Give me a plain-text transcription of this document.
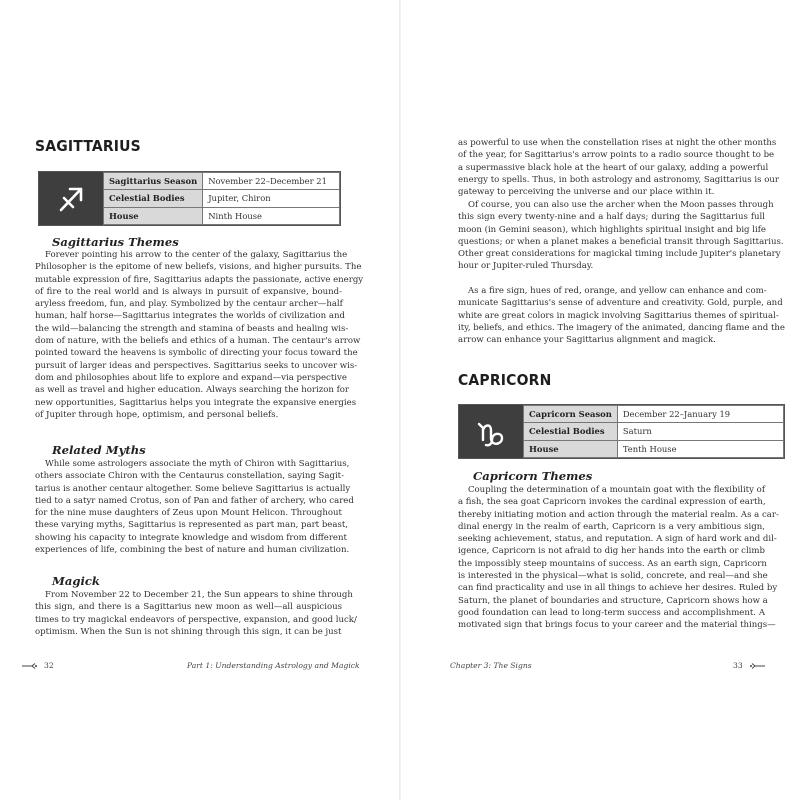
SAGITTARIUS
Sagittarius Season	November 22–December 21
Celestial Bodies	Jupiter, Chiron
House	Ninth House
Sagittarius Themes
Forever pointing his arrow to the center of the galaxy, Sagittarius the
Philosopher is the epitome of new beliefs, visions, and higher pursuits. The
mutable expression of fire, Sagittarius adapts the passionate, active energy
of fire to the real world and is always in pursuit of expansive, bound-
aryless freedom, fun, and play. Symbolized by the centaur archer—half
human, half horse—Sagittarius integrates the worlds of civilization and
the wild—balancing the strength and stamina of beasts and healing wis-
dom of nature, with the beliefs and ethics of a human. The centaur's arrow
pointed toward the heavens is symbolic of directing your focus toward the
pursuit of larger ideas and perspectives. Sagittarius seeks to uncover wis-
dom and philosophies about life to explore and expand—via perspective
as well as travel and higher education. Always searching the horizon for
new opportunities, Sagittarius helps you integrate the expansive energies
of Jupiter through hope, optimism, and personal beliefs.
Related Myths
While some astrologers associate the myth of Chiron with Sagittarius,
others associate Chiron with the Centaurus constellation, saying Sagit-
tarius is another centaur altogether. Some believe Sagittarius is actually
tied to a satyr named Crotus, son of Pan and father of archery, who cared
for the nine muse daughters of Zeus upon Mount Helicon. Throughout
these varying myths, Sagittarius is represented as part man, part beast,
showing his capacity to integrate knowledge and wisdom from different
experiences of life, combining the best of nature and human civilization.
Magick
From November 22 to December 21, the Sun appears to shine through
this sign, and there is a Sagittarius new moon as well—all auspicious
times to try magickal endeavors of perspective, expansion, and good luck/
optimism. When the Sun is not shining through this sign, it can be just
32	Part 1: Understanding Astrology and Magick
as powerful to use when the constellation rises at night the other months
of the year, for Sagittarius's arrow points to a radio source thought to be
a supermassive black hole at the heart of our galaxy, adding a powerful
energy to spells. Thus, in both astrology and astronomy, Sagittarius is our
gateway to perceiving the universe and our place within it.
Of course, you can also use the archer when the Moon passes through
this sign every twenty-nine and a half days; during the Sagittarius full
moon (in Gemini season), which highlights spiritual insight and big life
questions; or when a planet makes a beneficial transit through Sagittarius.
Other great considerations for magickal timing include Jupiter's planetary
hour or Jupiter-ruled Thursday.
As a fire sign, hues of red, orange, and yellow can enhance and com-
municate Sagittarius's sense of adventure and creativity. Gold, purple, and
white are great colors in magick involving Sagittarius themes of spiritual-
ity, beliefs, and ethics. The imagery of the animated, dancing flame and the
arrow can enhance your Sagittarius alignment and magick.
CAPRICORN
Capricorn Season	December 22–January 19
Celestial Bodies	Saturn
House	Tenth House
Capricorn Themes
Coupling the determination of a mountain goat with the flexibility of
a fish, the sea goat Capricorn invokes the cardinal expression of earth,
thereby initiating motion and action through the material realm. As a car-
dinal energy in the realm of earth, Capricorn is a very ambitious sign,
seeking achievement, status, and reputation. A sign of hard work and dil-
igence, Capricorn is not afraid to dig her hands into the earth or climb
the impossibly steep mountains of success. As an earth sign, Capricorn
is interested in the physical—what is solid, concrete, and real—and she
can find practicality and use in all things to achieve her desires. Ruled by
Saturn, the planet of boundaries and structure, Capricorn shows how a
good foundation can lead to long-term success and accomplishment. A
motivated sign that brings focus to your career and the material things—
Chapter 3: The Signs	33
